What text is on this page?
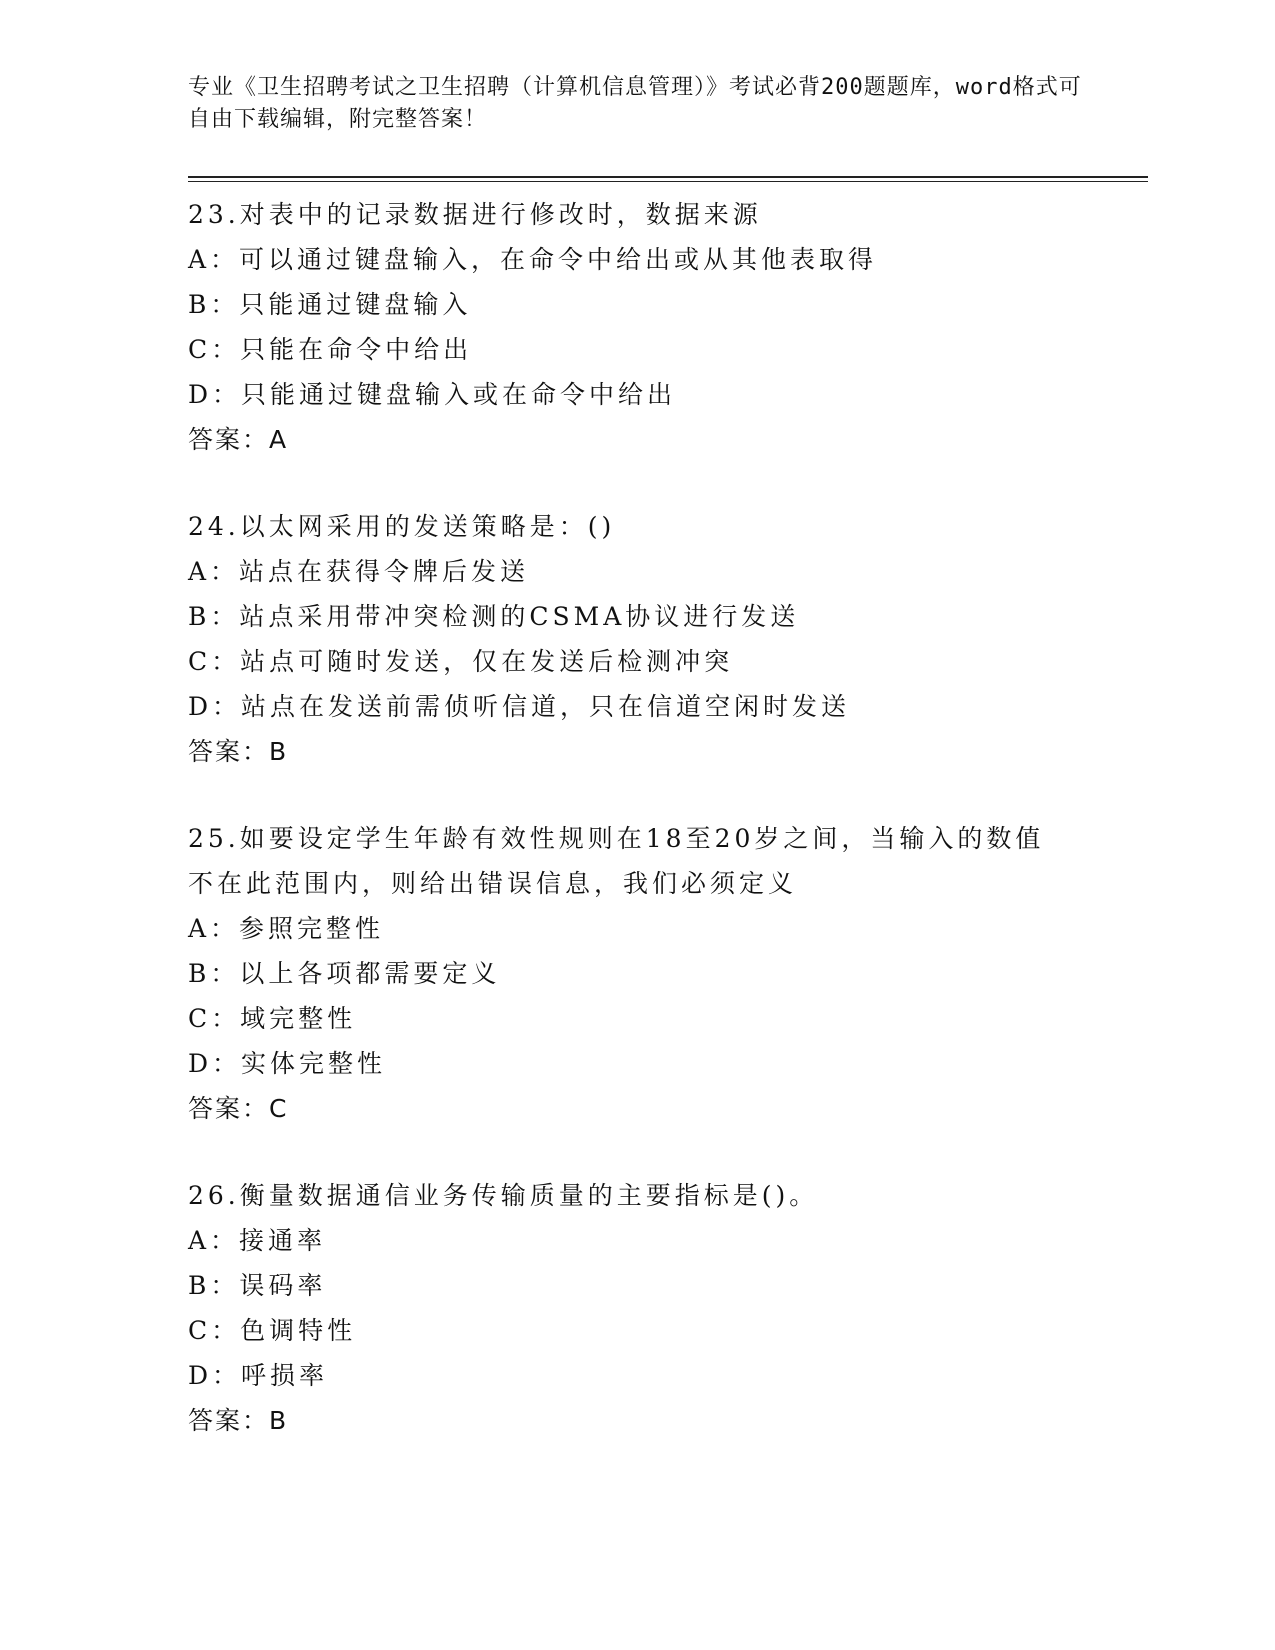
专业《卫生招聘考试之卫生招聘（计算机信息管理）》考试必背200题题库，word格式可自由下载编辑，附完整答案！

23.对表中的记录数据进行修改时，数据来源

A：可以通过键盘输入，在命令中给出或从其他表取得

B：只能通过键盘输入

C：只能在命令中给出

D：只能通过键盘输入或在命令中给出

答案：A

24.以太网采用的发送策略是：()

A：站点在获得令牌后发送

B：站点采用带冲突检测的CSMA协议进行发送

C：站点可随时发送，仅在发送后检测冲突

D：站点在发送前需侦听信道，只在信道空闲时发送

答案：B

25.如要设定学生年龄有效性规则在18至20岁之间，当输入的数值不在此范围内，则给出错误信息，我们必须定义

A：参照完整性

B：以上各项都需要定义

C：域完整性

D：实体完整性

答案：C

26.衡量数据通信业务传输质量的主要指标是()。

A：接通率

B：误码率

C：色调特性

D：呼损率

答案：B
